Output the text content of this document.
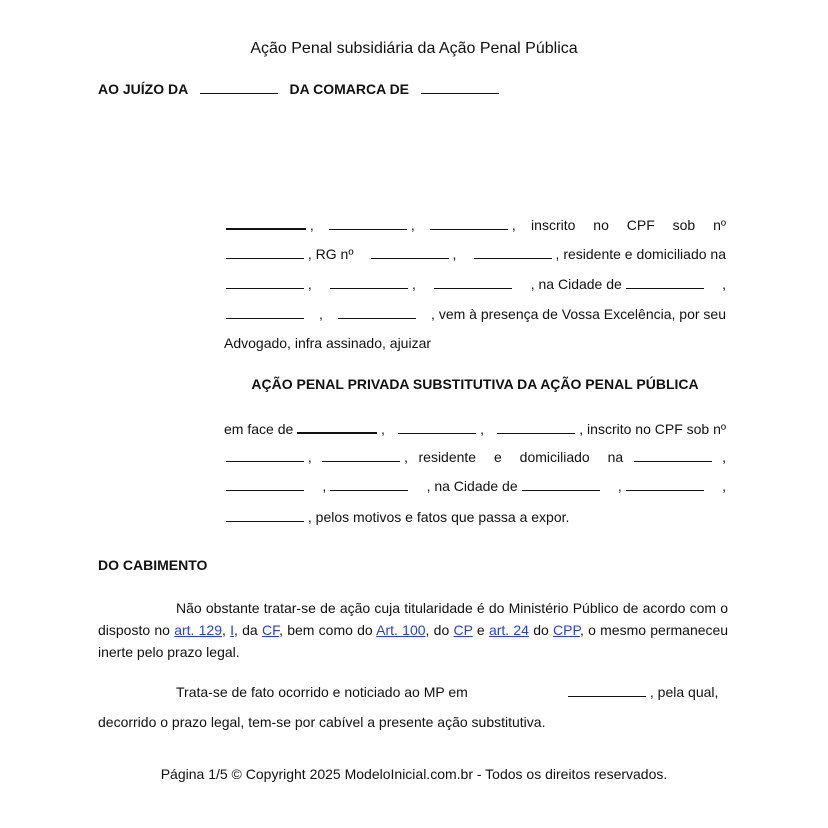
Ação Penal subsidiária da Ação Penal Pública
AO JUÍZO DA	DA COMARCA DE
,	,	, inscrito no CPF sob nº
, RG nº	,	, residente e domiciliado na
,	,	, na Cidade de	,
,	, vem à presença de Vossa Excelência, por seu
Advogado, infra assinado, ajuizar
AÇÃO PENAL PRIVADA SUBSTITUTIVA DA AÇÃO PENAL PÚBLICA
em face de	,	,	, inscrito no CPF sob nº
,	, residente e domiciliado na	,
,	, na Cidade de	,	,
, pelos motivos e fatos que passa a expor.
DO CABIMENTO
Não obstante tratar-se de ação cuja titularidade é do Ministério Público de acordo com o disposto no art. 129, I, da CF, bem como do Art. 100, do CP e art. 24 do CPP, o mesmo permaneceu inerte pelo prazo legal.
Trata-se de fato ocorrido e noticiado ao MP em	, pela qual,
decorrido o prazo legal, tem-se por cabível a presente ação substitutiva.
Página 1/5 © Copyright 2025 ModeloInicial.com.br - Todos os direitos reservados.
